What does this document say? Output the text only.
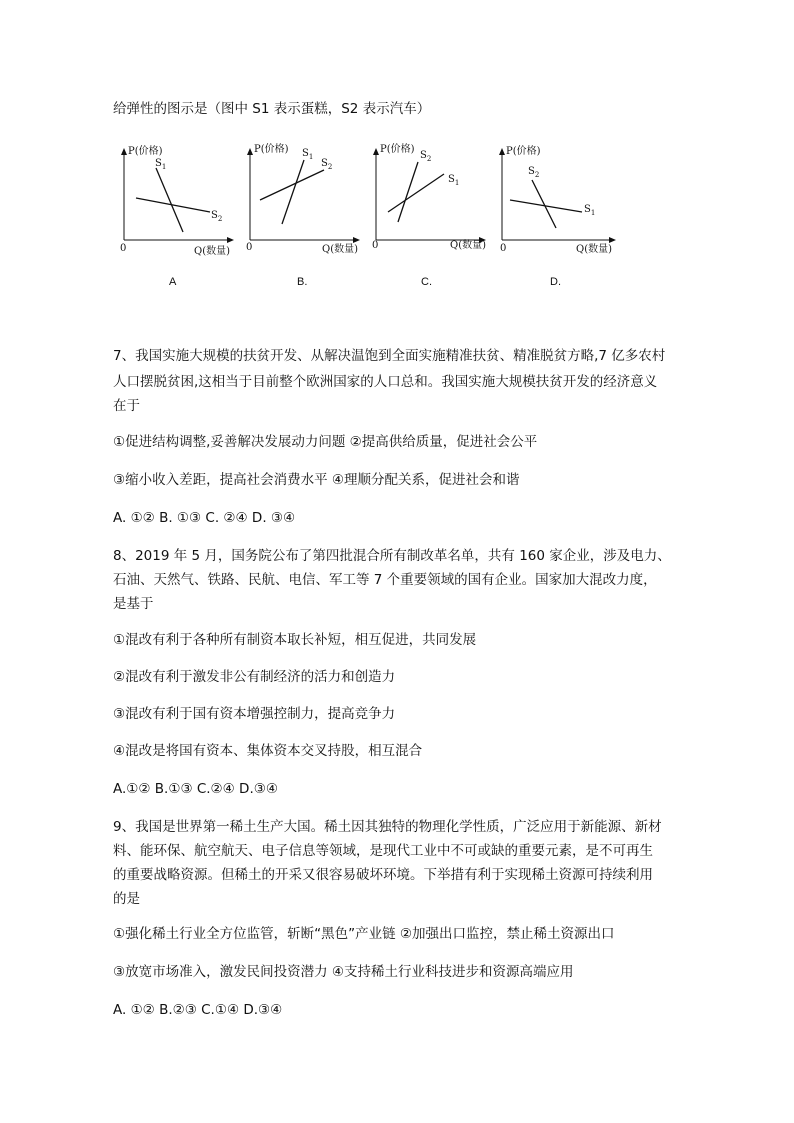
给弹性的图示是（图中 S1 表示蛋糕，S2 表示汽车）
P(价格)
Q(数量)
0
$S_1$
$S_2$
P(价格)
Q(数量)
0
$S_1$
$S_2$
P(价格)
Q(数量)
0
$S_1$
$S_2$
P(价格)
Q(数量)
0
$S_1$
$S_2$
A	B.	C.	D.
7、我国实施大规模的扶贫开发、从解决温饱到全面实施精准扶贫、精准脱贫方略,7 亿多农村
人口摆脱贫困,这相当于目前整个欧洲国家的人口总和。我国实施大规模扶贫开发的经济意义
在于
①促进结构调整,妥善解决发展动力问题 ②提高供给质量，促进社会公平
③缩小收入差距，提高社会消费水平 ④理顺分配关系，促进社会和谐
A. ①② B. ①③ C. ②④ D. ③④
8、2019 年 5 月，国务院公布了第四批混合所有制改革名单，共有 160 家企业，涉及电力、
石油、天然气、铁路、民航、电信、军工等 7 个重要领域的国有企业。国家加大混改力度，
是基于
①混改有利于各种所有制资本取长补短，相互促进，共同发展
②混改有利于激发非公有制经济的活力和创造力
③混改有利于国有资本增强控制力，提高竞争力
④混改是将国有资本、集体资本交叉持股，相互混合
A.①② B.①③ C.②④ D.③④
9、我国是世界第一稀土生产大国。稀土因其独特的物理化学性质，广泛应用于新能源、新材
料、能环保、航空航天、电子信息等领域，是现代工业中不可或缺的重要元素，是不可再生
的重要战略资源。但稀土的开采又很容易破坏环境。下举措有利于实现稀土资源可持续利用
的是
①强化稀土行业全方位监管，斩断“黑色”产业链 ②加强出口监控，禁止稀土资源出口
③放宽市场准入，激发民间投资潜力 ④支持稀土行业科技进步和资源高端应用
A. ①② B.②③ C.①④ D.③④
